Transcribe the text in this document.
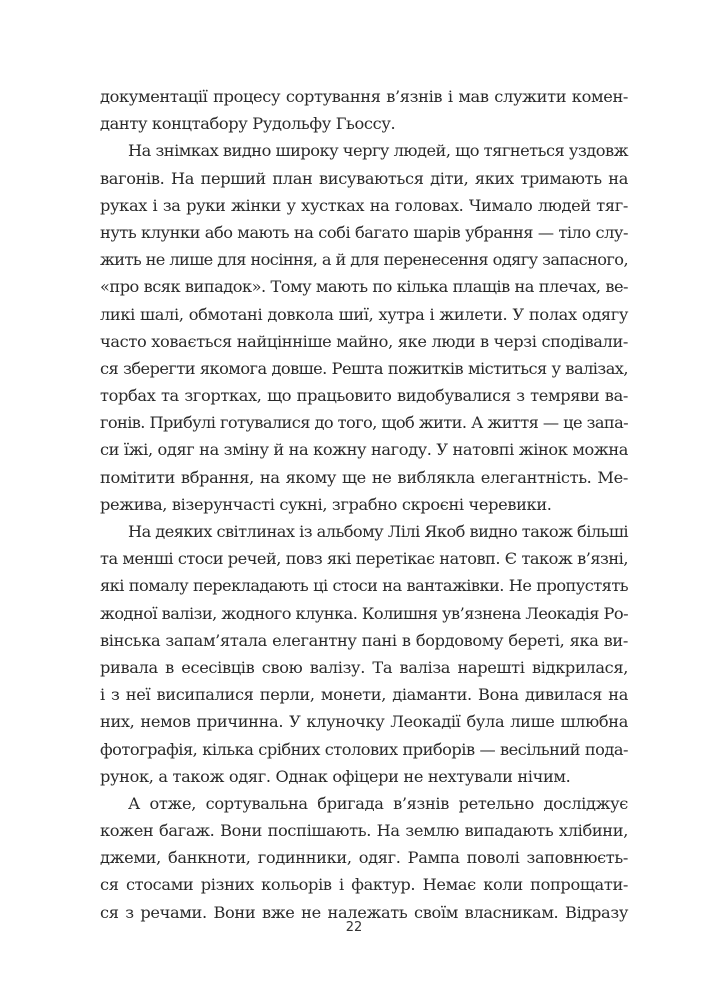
документації процесу сортування в’язнів і мав служити комен-
данту концтабору Рудольфу Гьоссу.
На знімках видно широку чергу людей, що тягнеться уздовж
вагонів. На перший план висуваються діти, яких тримають на
руках і за руки жінки у хустках на головах. Чимало людей тяг-
нуть клунки або мають на собі багато шарів убрання — тіло слу-
жить не лише для носіння, а й для перенесення одягу запасного,
«про всяк випадок». Тому мають по кілька плащів на плечах, ве-
ликі шалі, обмотані довкола шиї, хутра і жилети. У полах одягу
часто ховається найцінніше майно, яке люди в черзі сподівали-
ся зберегти якомога довше. Решта пожитків міститься у валізах,
торбах та згортках, що працьовито видобувалися з темряви ва-
гонів. Прибулі готувалися до того, щоб жити. А життя — це запа-
си їжі, одяг на зміну й на кожну нагоду. У натовпі жінок можна
помітити вбрання, на якому ще не виблякла елегантність. Ме-
режива, візерунчасті сукні, зграбно скроєні черевики.
На деяких світлинах із альбому Лілі Якоб видно також більші
та менші стоси речей, повз які перетікає натовп. Є також в’язні,
які помалу перекладають ці стоси на вантажівки. Не пропустять
жодної валізи, жодного клунка. Колишня ув’язнена Леокадія Ро-
вінська запам’ятала елегантну пані в бордовому береті, яка ви-
ривала в есесівців свою валізу. Та валіза нарешті відкрилася,
і з неї висипалися перли, монети, діаманти. Вона дивилася на
них, немов причинна. У клуночку Леокадії була лише шлюбна
фотографія, кілька срібних столових приборів — весільний пода-
рунок, а також одяг. Однак офіцери не нехтували нічим.
А отже, сортувальна бригада в’язнів ретельно досліджує
кожен багаж. Вони поспішають. На землю випадають хлібини,
джеми, банкноти, годинники, одяг. Рампа поволі заповнюєть-
ся стосами різних кольорів і фактур. Немає коли попрощати-
ся з речами. Вони вже не належать своїм власникам. Відразу
22
